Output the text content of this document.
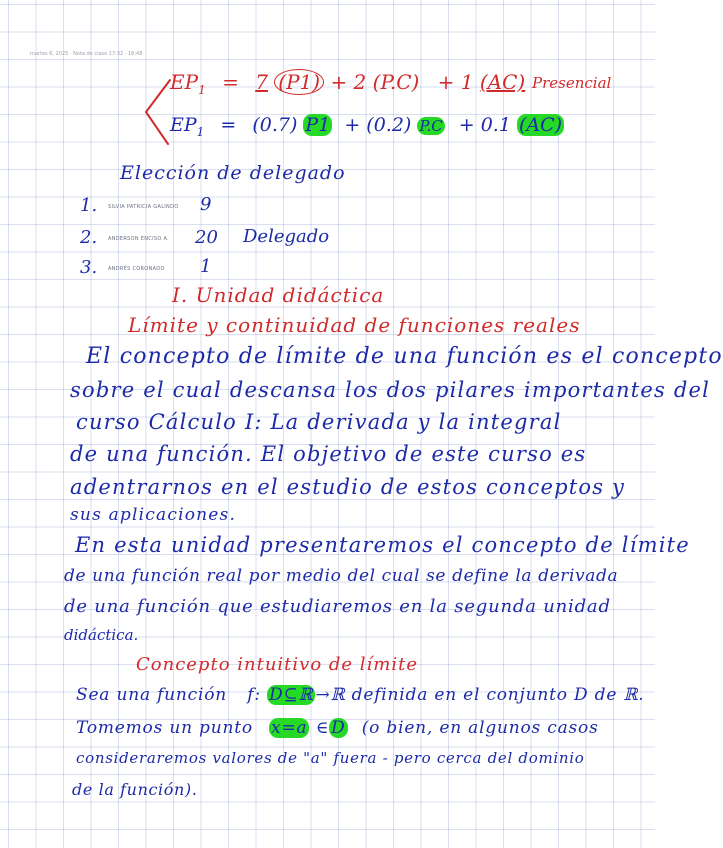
martes 6, 2025 · Nota de clase 17:32 · 16:48
$EP_1 = 7$ (P1) + 2 (P.C) + 1 (AC) Presencial
$EP_1 = (0.7) P1 + (0.2) P.C + 0.1$ (AC)
Elección de delegado
1. SILVIA PATRICIA GALINDO 9
2. ANDERSON ENCISO A. 20 Delegado
3. ANDRÉS CORONADO 1
I. Unidad didáctica
Límite y continuidad de funciones reales
El concepto de límite de una función es el concepto
sobre el cual descansa los dos pilares importantes del
curso Cálculo I: La derivada y la integral
de una función. El objetivo de este curso es
adentrarnos en el estudio de estos conceptos y
sus aplicaciones.
En esta unidad presentaremos el concepto de límite
de una función real por medio del cual se define la derivada
de una función que estudiaremos en la segunda unidad
didáctica.
Concepto intuitivo de límite
Sea una función f: D⊆ℝ →ℝ definida en el conjunto D de ℝ.
Tomemos un punto x=a ∈ D (o bien, en algunos casos
consideraremos valores de "a" fuera - pero cerca del dominio
de la función).
